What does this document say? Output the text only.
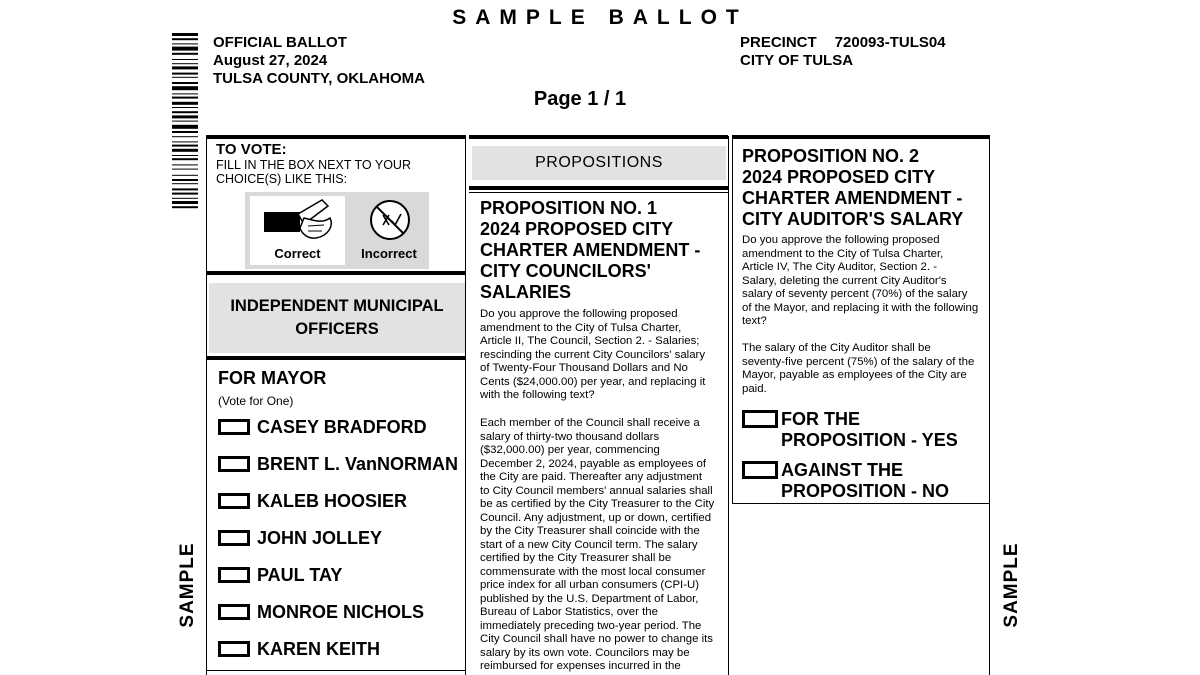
SAMPLE BALLOT
OFFICIAL BALLOT
August 27, 2024
TULSA COUNTY, OKLAHOMA
PRECINCT 720093-TULS04
CITY OF TULSA
Page 1 / 1
SAMPLE	SAMPLE
TO VOTE:
FILL IN THE BOX NEXT TO YOUR CHOICE(S) LIKE THIS:
Correct	Incorrect
INDEPENDENT MUNICIPAL OFFICERS
FOR MAYOR
(Vote for One)
CASEY BRADFORD
BRENT L. VanNORMAN
KALEB HOOSIER
JOHN JOLLEY
PAUL TAY
MONROE NICHOLS
KAREN KEITH
PROPOSITIONS
PROPOSITION NO. 1
2024 PROPOSED CITY
CHARTER AMENDMENT -
CITY COUNCILORS'
SALARIES
Do you approve the following proposed
amendment to the City of Tulsa Charter,
Article II, The Council, Section 2. - Salaries;
rescinding the current City Councilors' salary
of Twenty-Four Thousand Dollars and No
Cents ($24,000.00) per year, and replacing it
with the following text?
Each member of the Council shall receive a
salary of thirty-two thousand dollars
($32,000.00) per year, commencing
December 2, 2024, payable as employees of
the City are paid. Thereafter any adjustment
to City Council members' annual salaries shall
be as certified by the City Treasurer to the City
Council. Any adjustment, up or down, certified
by the City Treasurer shall coincide with the
start of a new City Council term. The salary
certified by the City Treasurer shall be
commensurate with the most local consumer
price index for all urban consumers (CPI-U)
published by the U.S. Department of Labor,
Bureau of Labor Statistics, over the
immediately preceding two-year period. The
City Council shall have no power to change its
salary by its own vote. Councilors may be
reimbursed for expenses incurred in the
PROPOSITION NO. 2
2024 PROPOSED CITY
CHARTER AMENDMENT -
CITY AUDITOR'S SALARY
Do you approve the following proposed
amendment to the City of Tulsa Charter,
Article IV, The City Auditor, Section 2. -
Salary, deleting the current City Auditor's
salary of seventy percent (70%) of the salary
of the Mayor, and replacing it with the following
text?
The salary of the City Auditor shall be
seventy-five percent (75%) of the salary of the
Mayor, payable as employees of the City are
paid.
FOR THE
PROPOSITION - YES
AGAINST THE
PROPOSITION - NO
